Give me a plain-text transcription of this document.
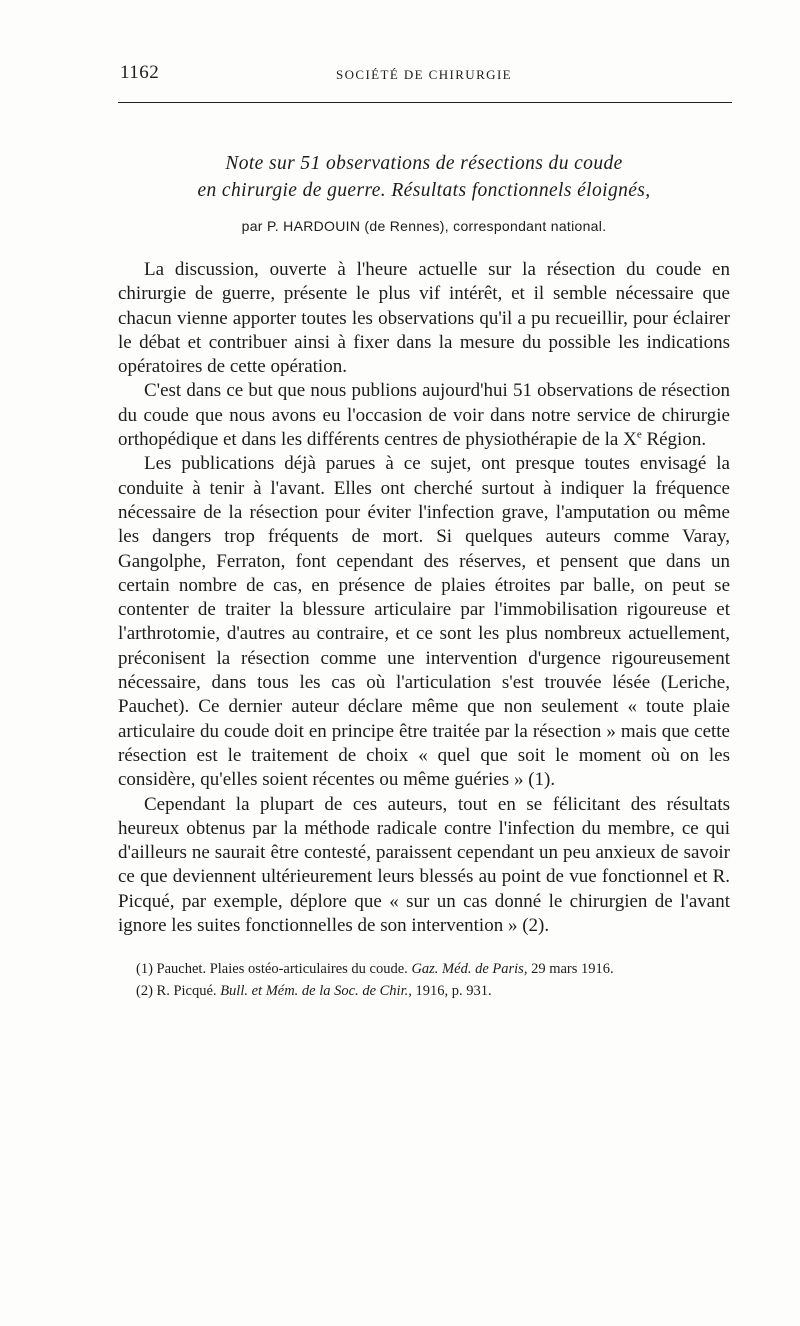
1162	SOCIÉTÉ DE CHIRURGIE
Note sur 51 observations de résections du coude
en chirurgie de guerre. Résultats fonctionnels éloignés,
par P. HARDOUIN (de Rennes), correspondant national.

La discussion, ouverte à l'heure actuelle sur la résection du coude en chirurgie de guerre, présente le plus vif intérêt, et il semble nécessaire que chacun vienne apporter toutes les observations qu'il a pu recueillir, pour éclairer le débat et contribuer ainsi à fixer dans la mesure du possible les indications opératoires de cette opération.

C'est dans ce but que nous publions aujourd'hui 51 observations de résection du coude que nous avons eu l'occasion de voir dans notre service de chirurgie orthopédique et dans les différents centres de physiothérapie de la Xe Région.

Les publications déjà parues à ce sujet, ont presque toutes envisagé la conduite à tenir à l'avant. Elles ont cherché surtout à indiquer la fréquence nécessaire de la résection pour éviter l'infection grave, l'amputation ou même les dangers trop fréquents de mort. Si quelques auteurs comme Varay, Gangolphe, Ferraton, font cependant des réserves, et pensent que dans un certain nombre de cas, en présence de plaies étroites par balle, on peut se contenter de traiter la blessure articulaire par l'immobilisation rigoureuse et l'arthrotomie, d'autres au contraire, et ce sont les plus nombreux actuellement, préconisent la résection comme une intervention d'urgence rigoureusement nécessaire, dans tous les cas où l'articulation s'est trouvée lésée (Leriche, Pauchet). Ce dernier auteur déclare même que non seulement « toute plaie articulaire du coude doit en principe être traitée par la résection » mais que cette résection est le traitement de choix « quel que soit le moment où on les considère, qu'elles soient récentes ou même guéries » (1).

Cependant la plupart de ces auteurs, tout en se félicitant des résultats heureux obtenus par la méthode radicale contre l'infection du membre, ce qui d'ailleurs ne saurait être contesté, paraissent cependant un peu anxieux de savoir ce que deviennent ultérieurement leurs blessés au point de vue fonctionnel et R. Picqué, par exemple, déplore que « sur un cas donné le chirurgien de l'avant ignore les suites fonctionnelles de son intervention » (2).

(1) Pauchet. Plaies ostéo-articulaires du coude. Gaz. Méd. de Paris, 29 mars 1916.

(2) R. Picqué. Bull. et Mém. de la Soc. de Chir., 1916, p. 931.
